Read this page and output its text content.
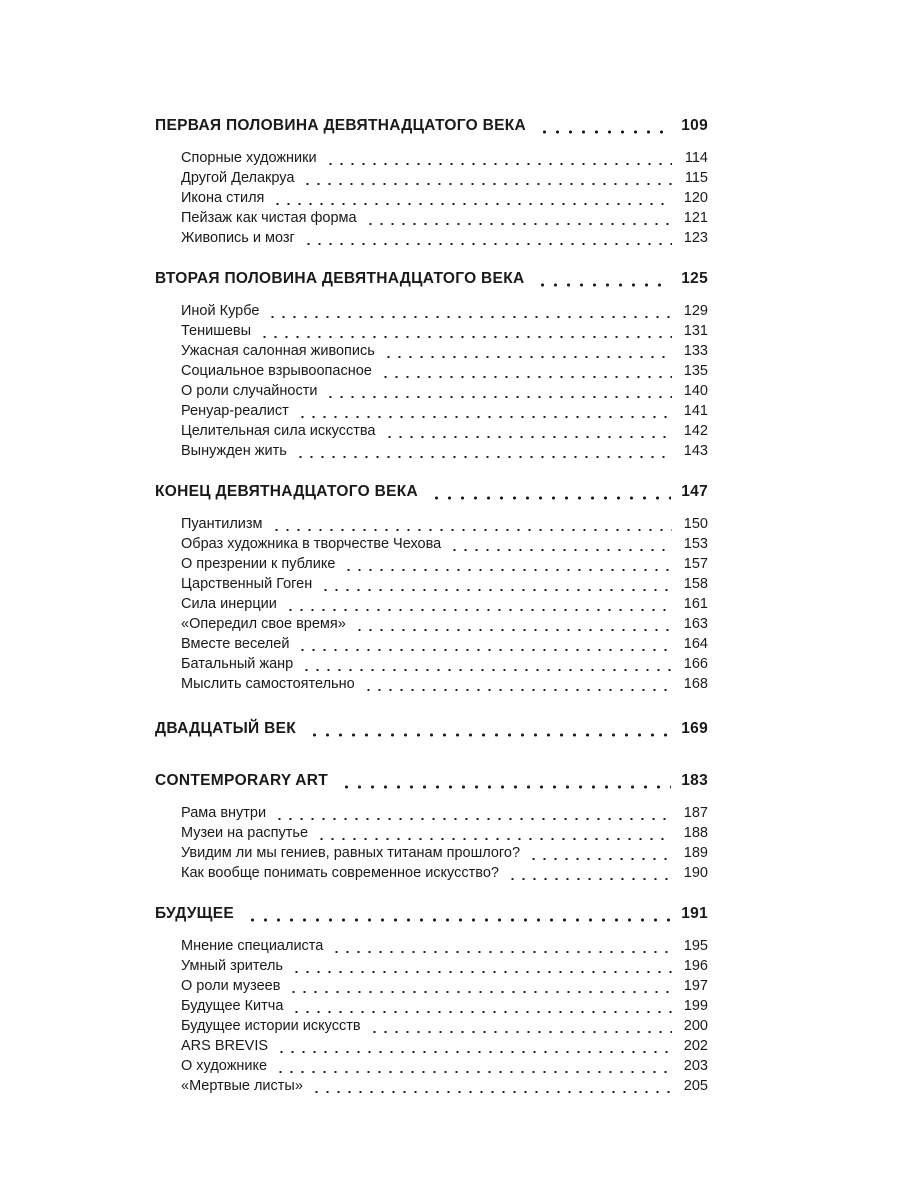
ПЕРВАЯ ПОЛОВИНА ДЕВЯТНАДЦАТОГО ВЕКА	109
Спорные художники	114
Другой Делакруа	115
Икона стиля	120
Пейзаж как чистая форма	121
Живопись и мозг	123
ВТОРАЯ ПОЛОВИНА ДЕВЯТНАДЦАТОГО ВЕКА	125
Иной Курбе	129
Тенишевы	131
Ужасная салонная живопись	133
Социальное взрывоопасное	135
О роли случайности	140
Ренуар-реалист	141
Целительная сила искусства	142
Вынужден жить	143
КОНЕЦ ДЕВЯТНАДЦАТОГО ВЕКА	147
Пуантилизм	150
Образ художника в творчестве Чехова	153
О презрении к публике	157
Царственный Гоген	158
Сила инерции	161
«Опередил свое время»	163
Вместе веселей	164
Батальный жанр	166
Мыслить самостоятельно	168
ДВАДЦАТЫЙ ВЕК	169
CONTEMPORARY ART	183
Рама внутри	187
Музеи на распутье	188
Увидим ли мы гениев, равных титанам прошлого?	189
Как вообще понимать современное искусство?	190
БУДУЩЕЕ	191
Мнение специалиста	195
Умный зритель	196
О роли музеев	197
Будущее Китча	199
Будущее истории искусств	200
ARS BREVIS	202
О художнике	203
«Мертвые листы»	205
